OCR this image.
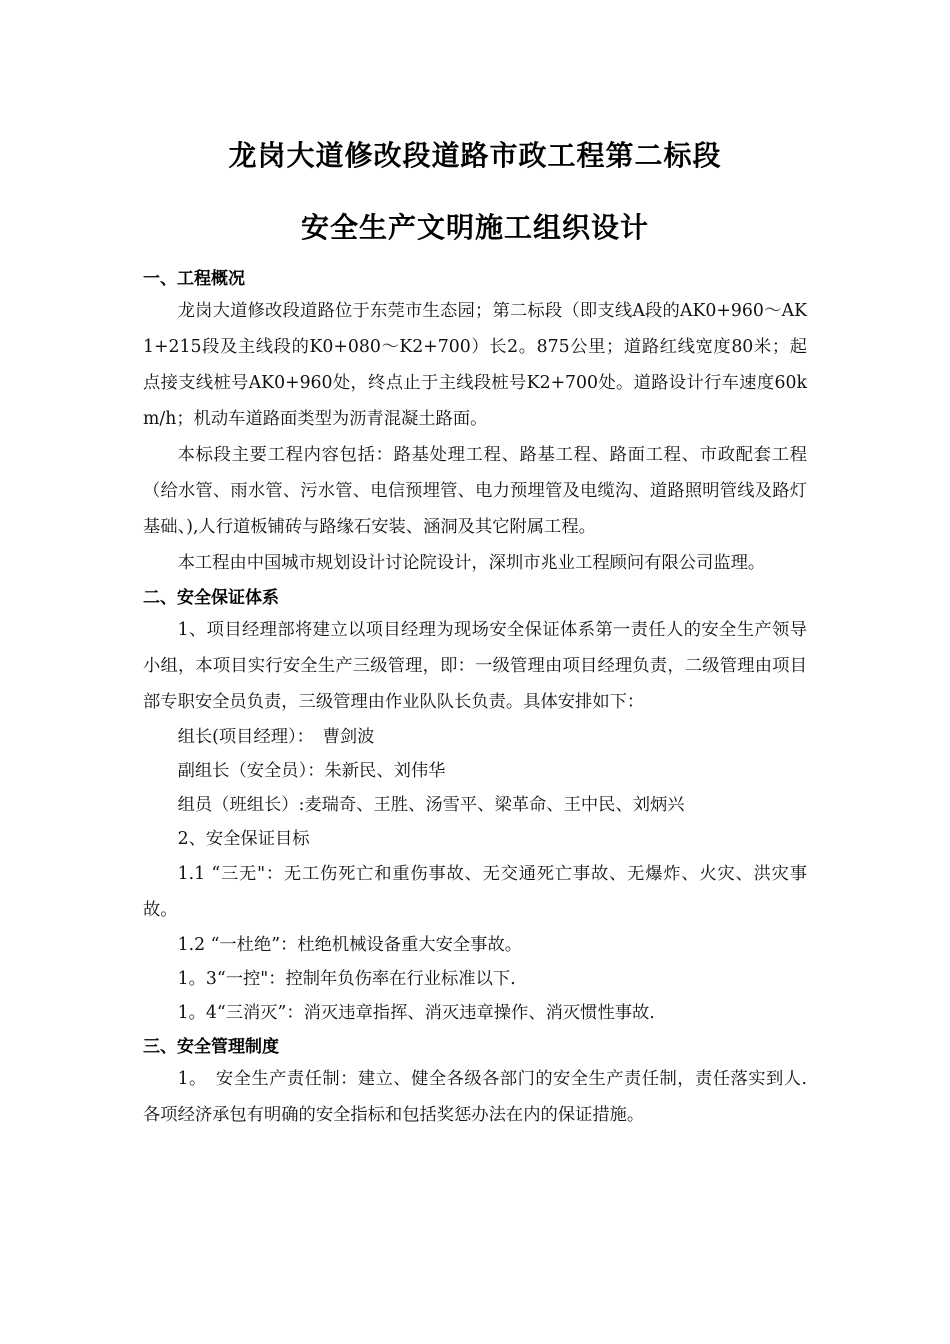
龙岗大道修改段道路市政工程第二标段
安全生产文明施工组织设计
一、工程概况

龙岗大道修改段道路位于东莞市生态园；第二标段（即支线A段的AK0+960～AK1+215段及主线段的K0+080～K2+700）长2。875公里；道路红线宽度80米；起点接支线桩号AK0+960处，终点止于主线段桩号K2+700处。道路设计行车速度60km/h；机动车道路面类型为沥青混凝土路面。

本标段主要工程内容包括：路基处理工程、路基工程、路面工程、市政配套工程（给水管、雨水管、污水管、电信预埋管、电力预埋管及电缆沟、道路照明管线及路灯基础、),人行道板铺砖与路缘石安装、涵洞及其它附属工程。

本工程由中国城市规划设计讨论院设计，深圳市兆业工程顾问有限公司监理。

二、安全保证体系

1、项目经理部将建立以项目经理为现场安全保证体系第一责任人的安全生产领导小组，本项目实行安全生产三级管理，即：一级管理由项目经理负责，二级管理由项目部专职安全员负责，三级管理由作业队队长负责。具体安排如下：

组长(项目经理）：　曹剑波

副组长（安全员）：朱新民、刘伟华

组员（班组长）:麦瑞奇、王胜、汤雪平、梁革命、王中民、刘炳兴

2、安全保证目标

1.1 “三无"：无工伤死亡和重伤事故、无交通死亡事故、无爆炸、火灾、洪灾事故。

1.2 “一杜绝”：杜绝机械设备重大安全事故。

1。3“一控"：控制年负伤率在行业标准以下.

1。4“三消灭”：消灭违章指挥、消灭违章操作、消灭惯性事故.

三、安全管理制度

1。　安全生产责任制：建立、健全各级各部门的安全生产责任制，责任落实到人.各项经济承包有明确的安全指标和包括奖惩办法在内的保证措施。
